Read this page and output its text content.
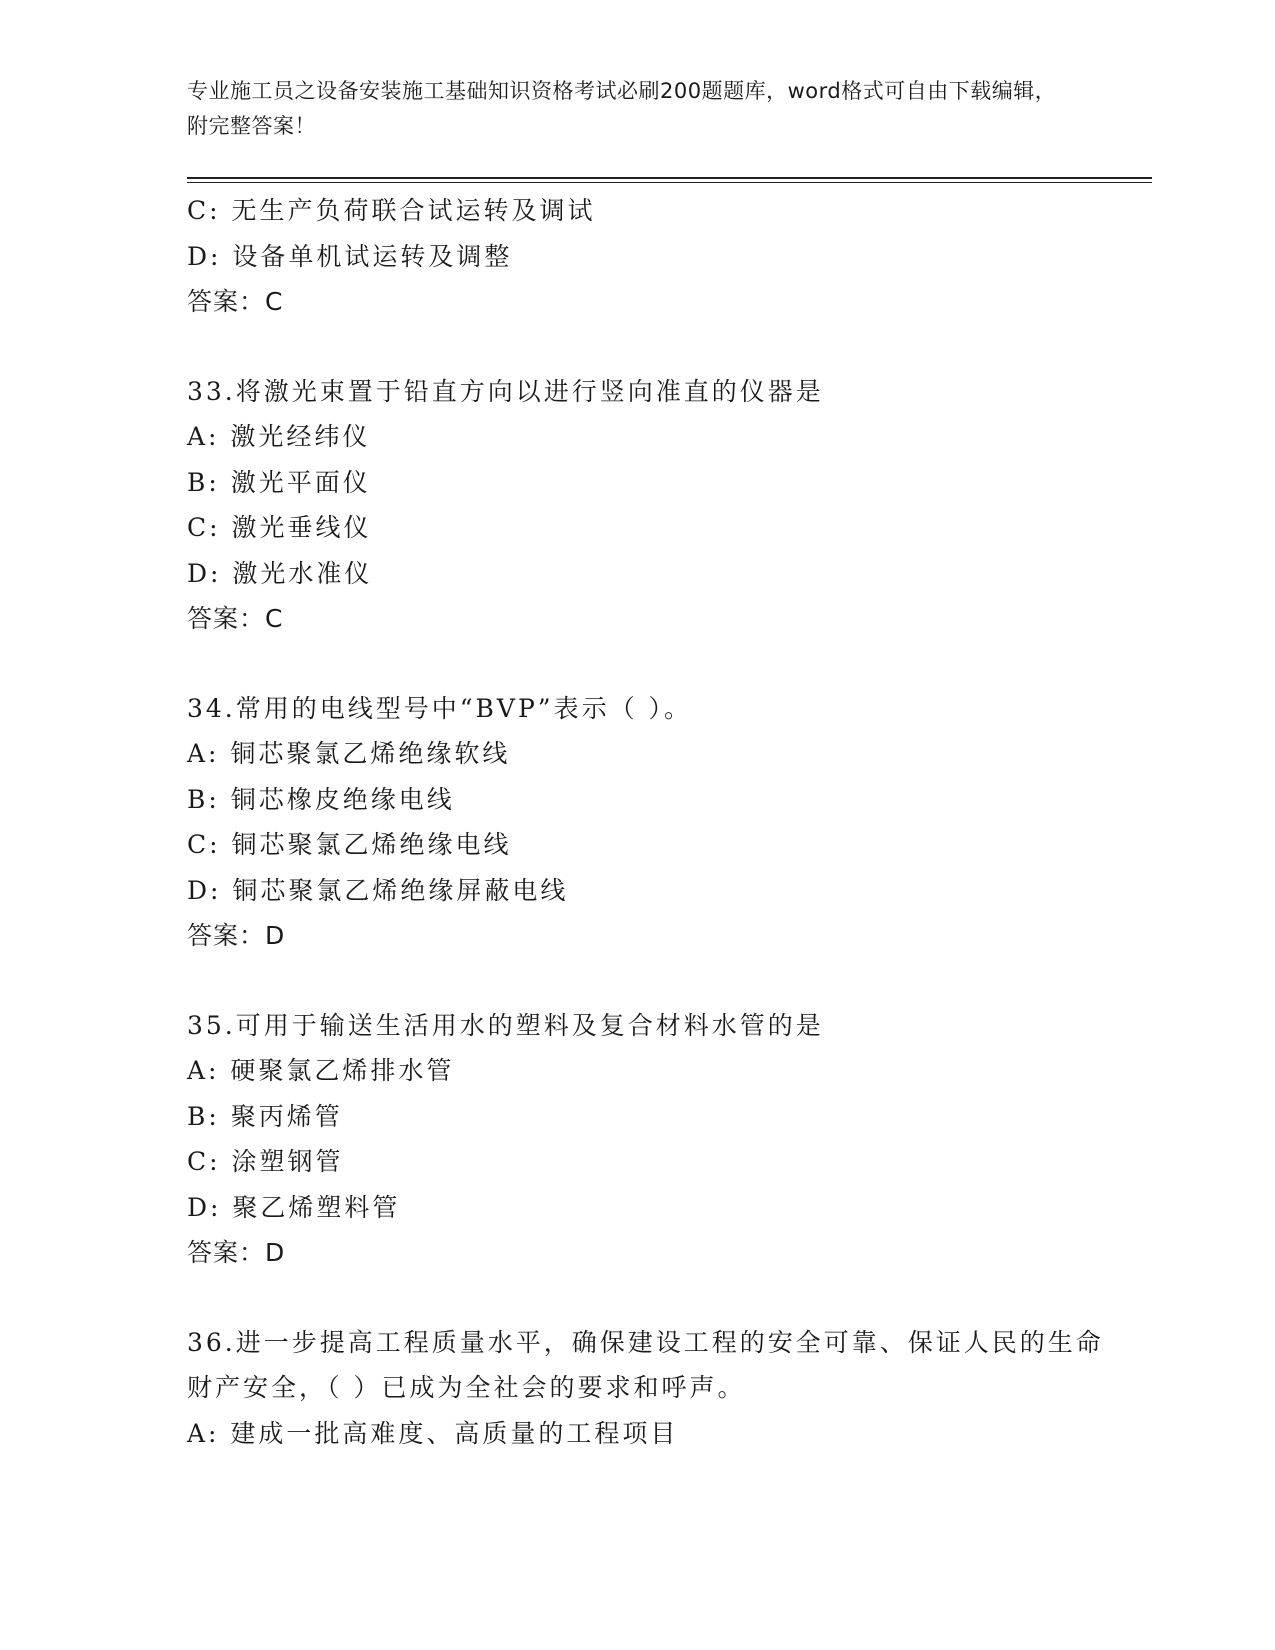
专业施工员之设备安装施工基础知识资格考试必刷200题题库，word格式可自由下载编辑，附完整答案！
C: 无生产负荷联合试运转及调试
D: 设备单机试运转及调整
答案：C
33.将激光束置于铅直方向以进行竖向准直的仪器是
A: 激光经纬仪
B: 激光平面仪
C: 激光垂线仪
D: 激光水准仪
答案：C
34.常用的电线型号中“BVP”表示（ ）。
A: 铜芯聚氯乙烯绝缘软线
B: 铜芯橡皮绝缘电线
C: 铜芯聚氯乙烯绝缘电线
D: 铜芯聚氯乙烯绝缘屏蔽电线
答案：D
35.可用于输送生活用水的塑料及复合材料水管的是
A: 硬聚氯乙烯排水管
B: 聚丙烯管
C: 涂塑钢管
D: 聚乙烯塑料管
答案：D
36.进一步提高工程质量水平，确保建设工程的安全可靠、保证人民的生命财产安全，（ ）已成为全社会的要求和呼声。
A: 建成一批高难度、高质量的工程项目
